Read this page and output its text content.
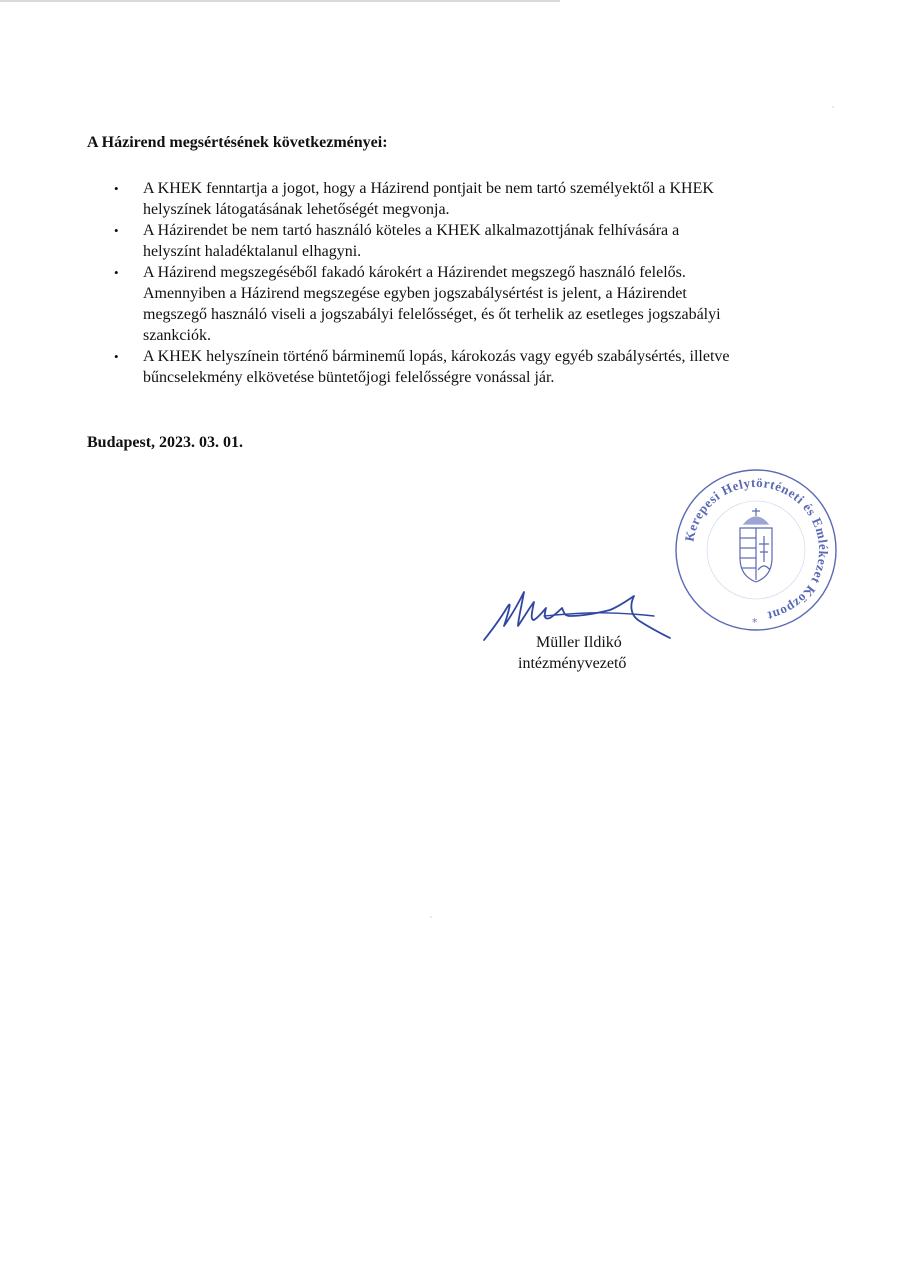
A Házirend megsértésének következményei:
• A KHEK fenntartja a jogot, hogy a Házirend pontjait be nem tartó személyektől a KHEK
helyszínek látogatásának lehetőségét megvonja.
• A Házirendet be nem tartó használó köteles a KHEK alkalmazottjának felhívására a
helyszínt haladéktalanul elhagyni.
• A Házirend megszegéséből fakadó károkért a Házirendet megszegő használó felelős.
Amennyiben a Házirend megszegése egyben jogszabálysértést is jelent, a Házirendet
megszegő használó viseli a jogszabályi felelősséget, és őt terhelik az esetleges jogszabályi
szankciók.
• A KHEK helyszínein történő bárminemű lopás, károkozás vagy egyéb szabálysértés, illetve
bűncselekmény elkövetése büntetőjogi felelősségre vonással jár.

Budapest, 2023. 03. 01.

Kerepesi Helytörténeti és Emlékezet Központ
*
Müller Ildikó
intézményvezető
